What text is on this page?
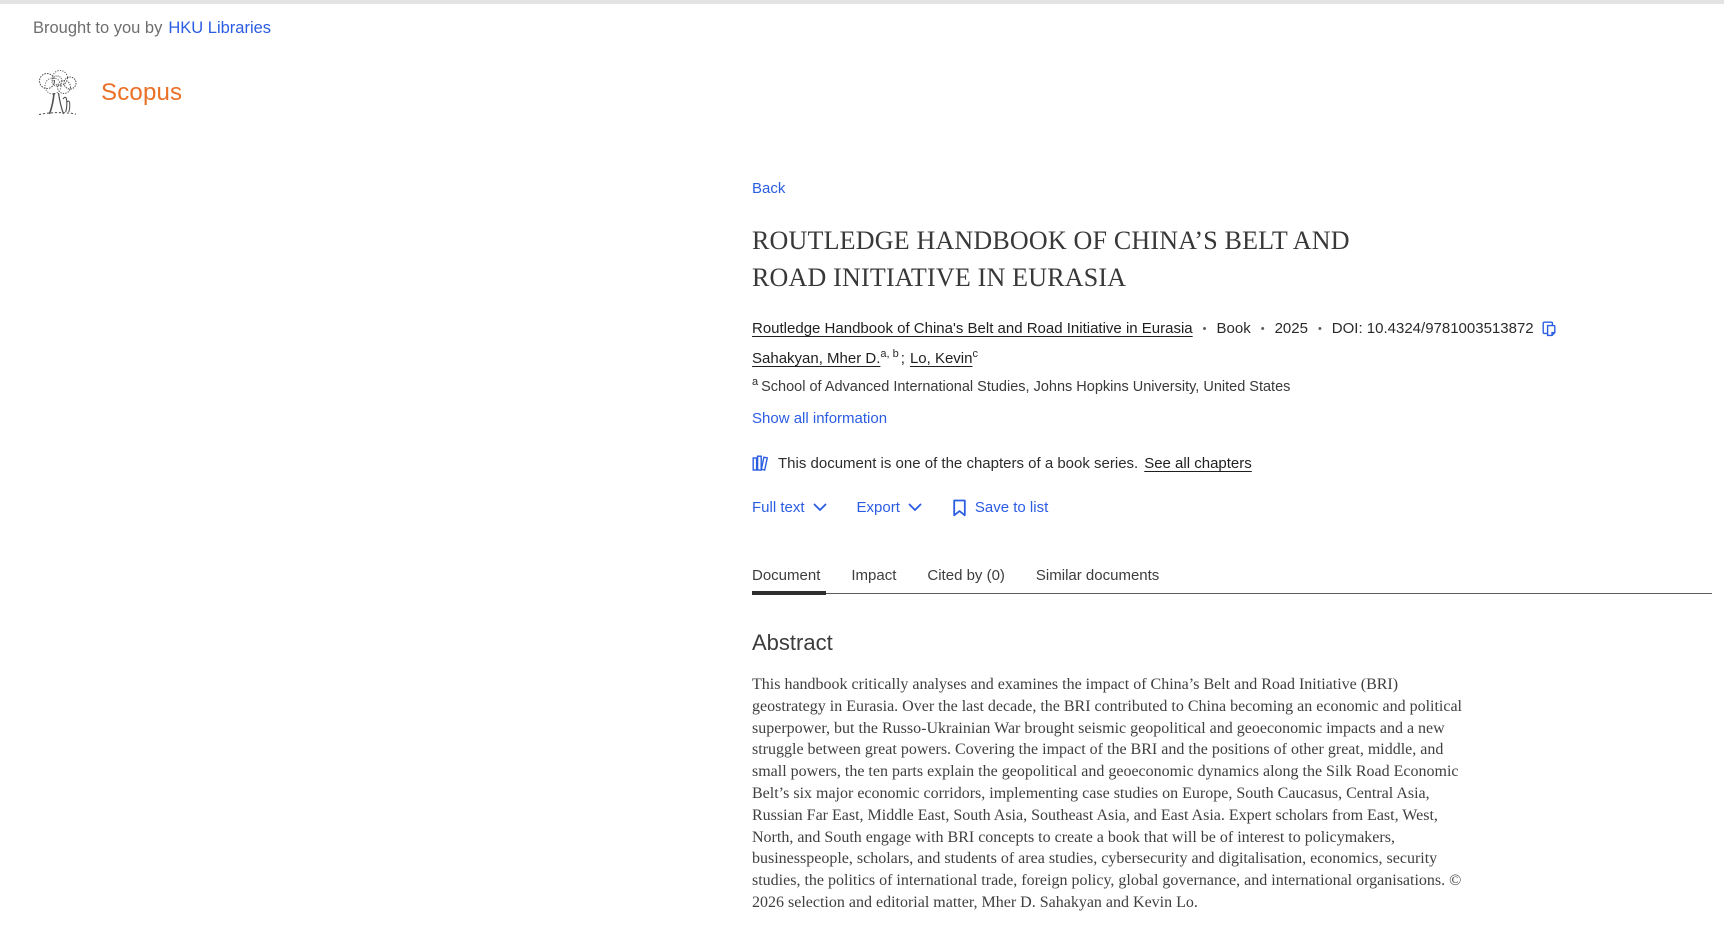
Brought to you by HKU Libraries
Scopus
Back
ROUTLEDGE HANDBOOK OF CHINA’S BELT AND ROAD INITIATIVE IN EURASIA
Routledge Handbook of China's Belt and Road Initiative in Eurasia • Book • 2025 • DOI: 10.4324/9781003513872
Sahakyan, Mher D.$^{a, b}$ ; Lo, Kevin$^c$
$^a$ School of Advanced International Studies, Johns Hopkins University, United States
Show all information
This document is one of the chapters of a book series. See all chapters
Full text	Export	Save to list
Document Impact Cited by (0) Similar documents
Abstract

This handbook critically analyses and examines the impact of China’s Belt and Road Initiative (BRI) geostrategy in Eurasia. Over the last decade, the BRI contributed to China becoming an economic and political superpower, but the Russo-Ukrainian War brought seismic geopolitical and geoeconomic impacts and a new struggle between great powers. Covering the impact of the BRI and the positions of other great, middle, and small powers, the ten parts explain the geopolitical and geoeconomic dynamics along the Silk Road Economic Belt’s six major economic corridors, implementing case studies on Europe, South Caucasus, Central Asia, Russian Far East, Middle East, South Asia, Southeast Asia, and East Asia. Expert scholars from East, West, North, and South engage with BRI concepts to create a book that will be of interest to policymakers, businesspeople, scholars, and students of area studies, cybersecurity and digitalisation, economics, security studies, the politics of international trade, foreign policy, global governance, and international organisations. © 2026 selection and editorial matter, Mher D. Sahakyan and Kevin Lo.
